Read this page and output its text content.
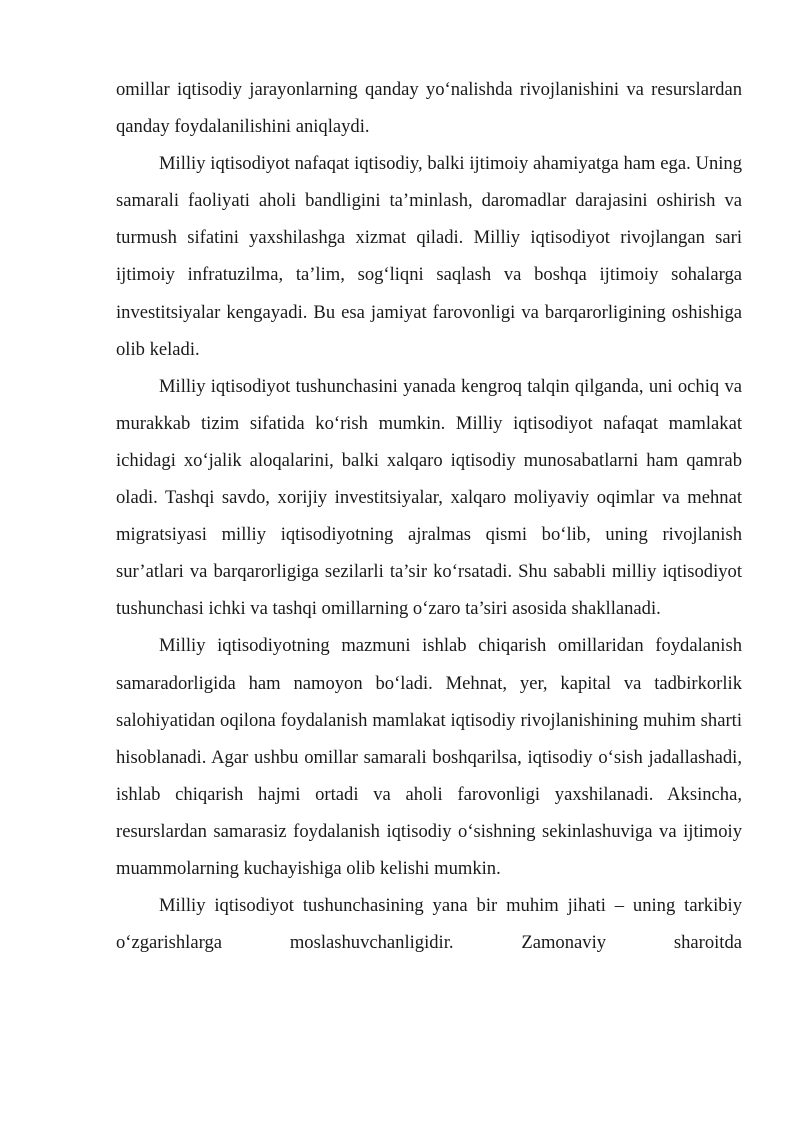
omillar iqtisodiy jarayonlarning qanday yo‘nalishda rivojlanishini va resurslardan qanday foydalanilishini aniqlaydi.

Milliy iqtisodiyot nafaqat iqtisodiy, balki ijtimoiy ahamiyatga ham ega. Uning samarali faoliyati aholi bandligini ta’minlash, daromadlar darajasini oshirish va turmush sifatini yaxshilashga xizmat qiladi. Milliy iqtisodiyot rivojlangan sari ijtimoiy infratuzilma, ta’lim, sog‘liqni saqlash va boshqa ijtimoiy sohalarga investitsiyalar kengayadi. Bu esa jamiyat farovonligi va barqarorligining oshishiga olib keladi.

Milliy iqtisodiyot tushunchasini yanada kengroq talqin qilganda, uni ochiq va murakkab tizim sifatida ko‘rish mumkin. Milliy iqtisodiyot nafaqat mamlakat ichidagi xo‘jalik aloqalarini, balki xalqaro iqtisodiy munosabatlarni ham qamrab oladi. Tashqi savdo, xorijiy investitsiyalar, xalqaro moliyaviy oqimlar va mehnat migratsiyasi milliy iqtisodiyotning ajralmas qismi bo‘lib, uning rivojlanish sur’atlari va barqarorligiga sezilarli ta’sir ko‘rsatadi. Shu sababli milliy iqtisodiyot tushunchasi ichki va tashqi omillarning o‘zaro ta’siri asosida shakllanadi.

Milliy iqtisodiyotning mazmuni ishlab chiqarish omillaridan foydalanish samaradorligida ham namoyon bo‘ladi. Mehnat, yer, kapital va tadbirkorlik salohiyatidan oqilona foydalanish mamlakat iqtisodiy rivojlanishining muhim sharti hisoblanadi. Agar ushbu omillar samarali boshqarilsa, iqtisodiy o‘sish jadallashadi, ishlab chiqarish hajmi ortadi va aholi farovonligi yaxshilanadi. Aksincha, resurslardan samarasiz foydalanish iqtisodiy o‘sishning sekinlashuviga va ijtimoiy muammolarning kuchayishiga olib kelishi mumkin.

Milliy iqtisodiyot tushunchasining yana bir muhim jihati – uning tarkibiy o‘zgarishlarga moslashuvchanligidir. Zamonaviy sharoitda
